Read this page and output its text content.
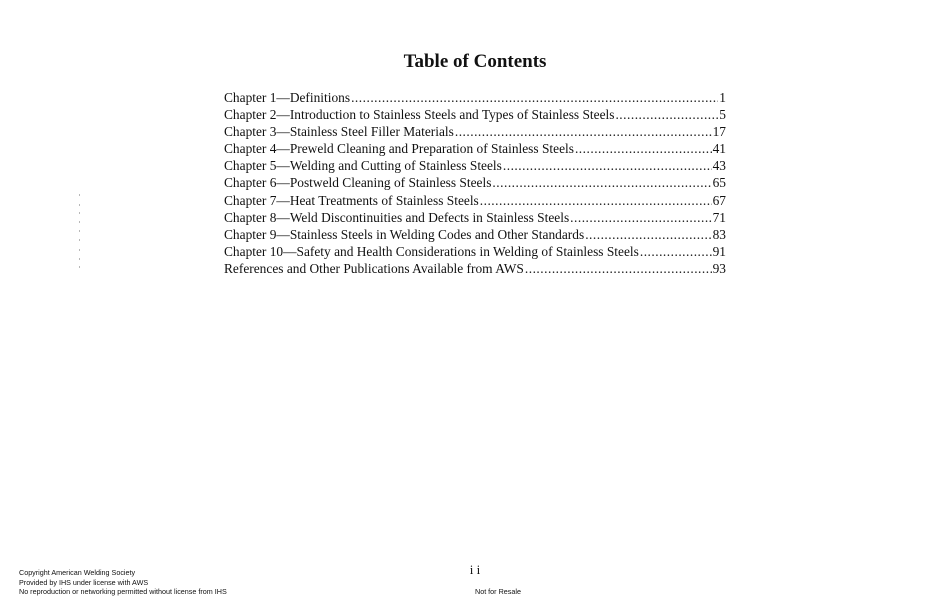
Table of Contents
Chapter 1—Definitions .....	1
Chapter 2—Introduction to Stainless Steels and Types of Stainless Steels .....	5
Chapter 3—Stainless Steel Filler Materials .....	17
Chapter 4—Preweld Cleaning and Preparation of Stainless Steels .....	41
Chapter 5—Welding and Cutting of Stainless Steels .....	43
Chapter 6—Postweld Cleaning of Stainless Steels .....	65
Chapter 7—Heat Treatments of Stainless Steels .....	67
Chapter 8—Weld Discontinuities and Defects in Stainless Steels .....	71
Chapter 9—Stainless Steels in Welding Codes and Other Standards .....	83
Chapter 10—Safety and Health Considerations in Welding of Stainless Steels .....	91
References and Other Publications Available from AWS .....	93
i i
Copyright American Welding Society
Provided by IHS under license with AWS
No reproduction or networking permitted without license from IHS	Not for Resale
